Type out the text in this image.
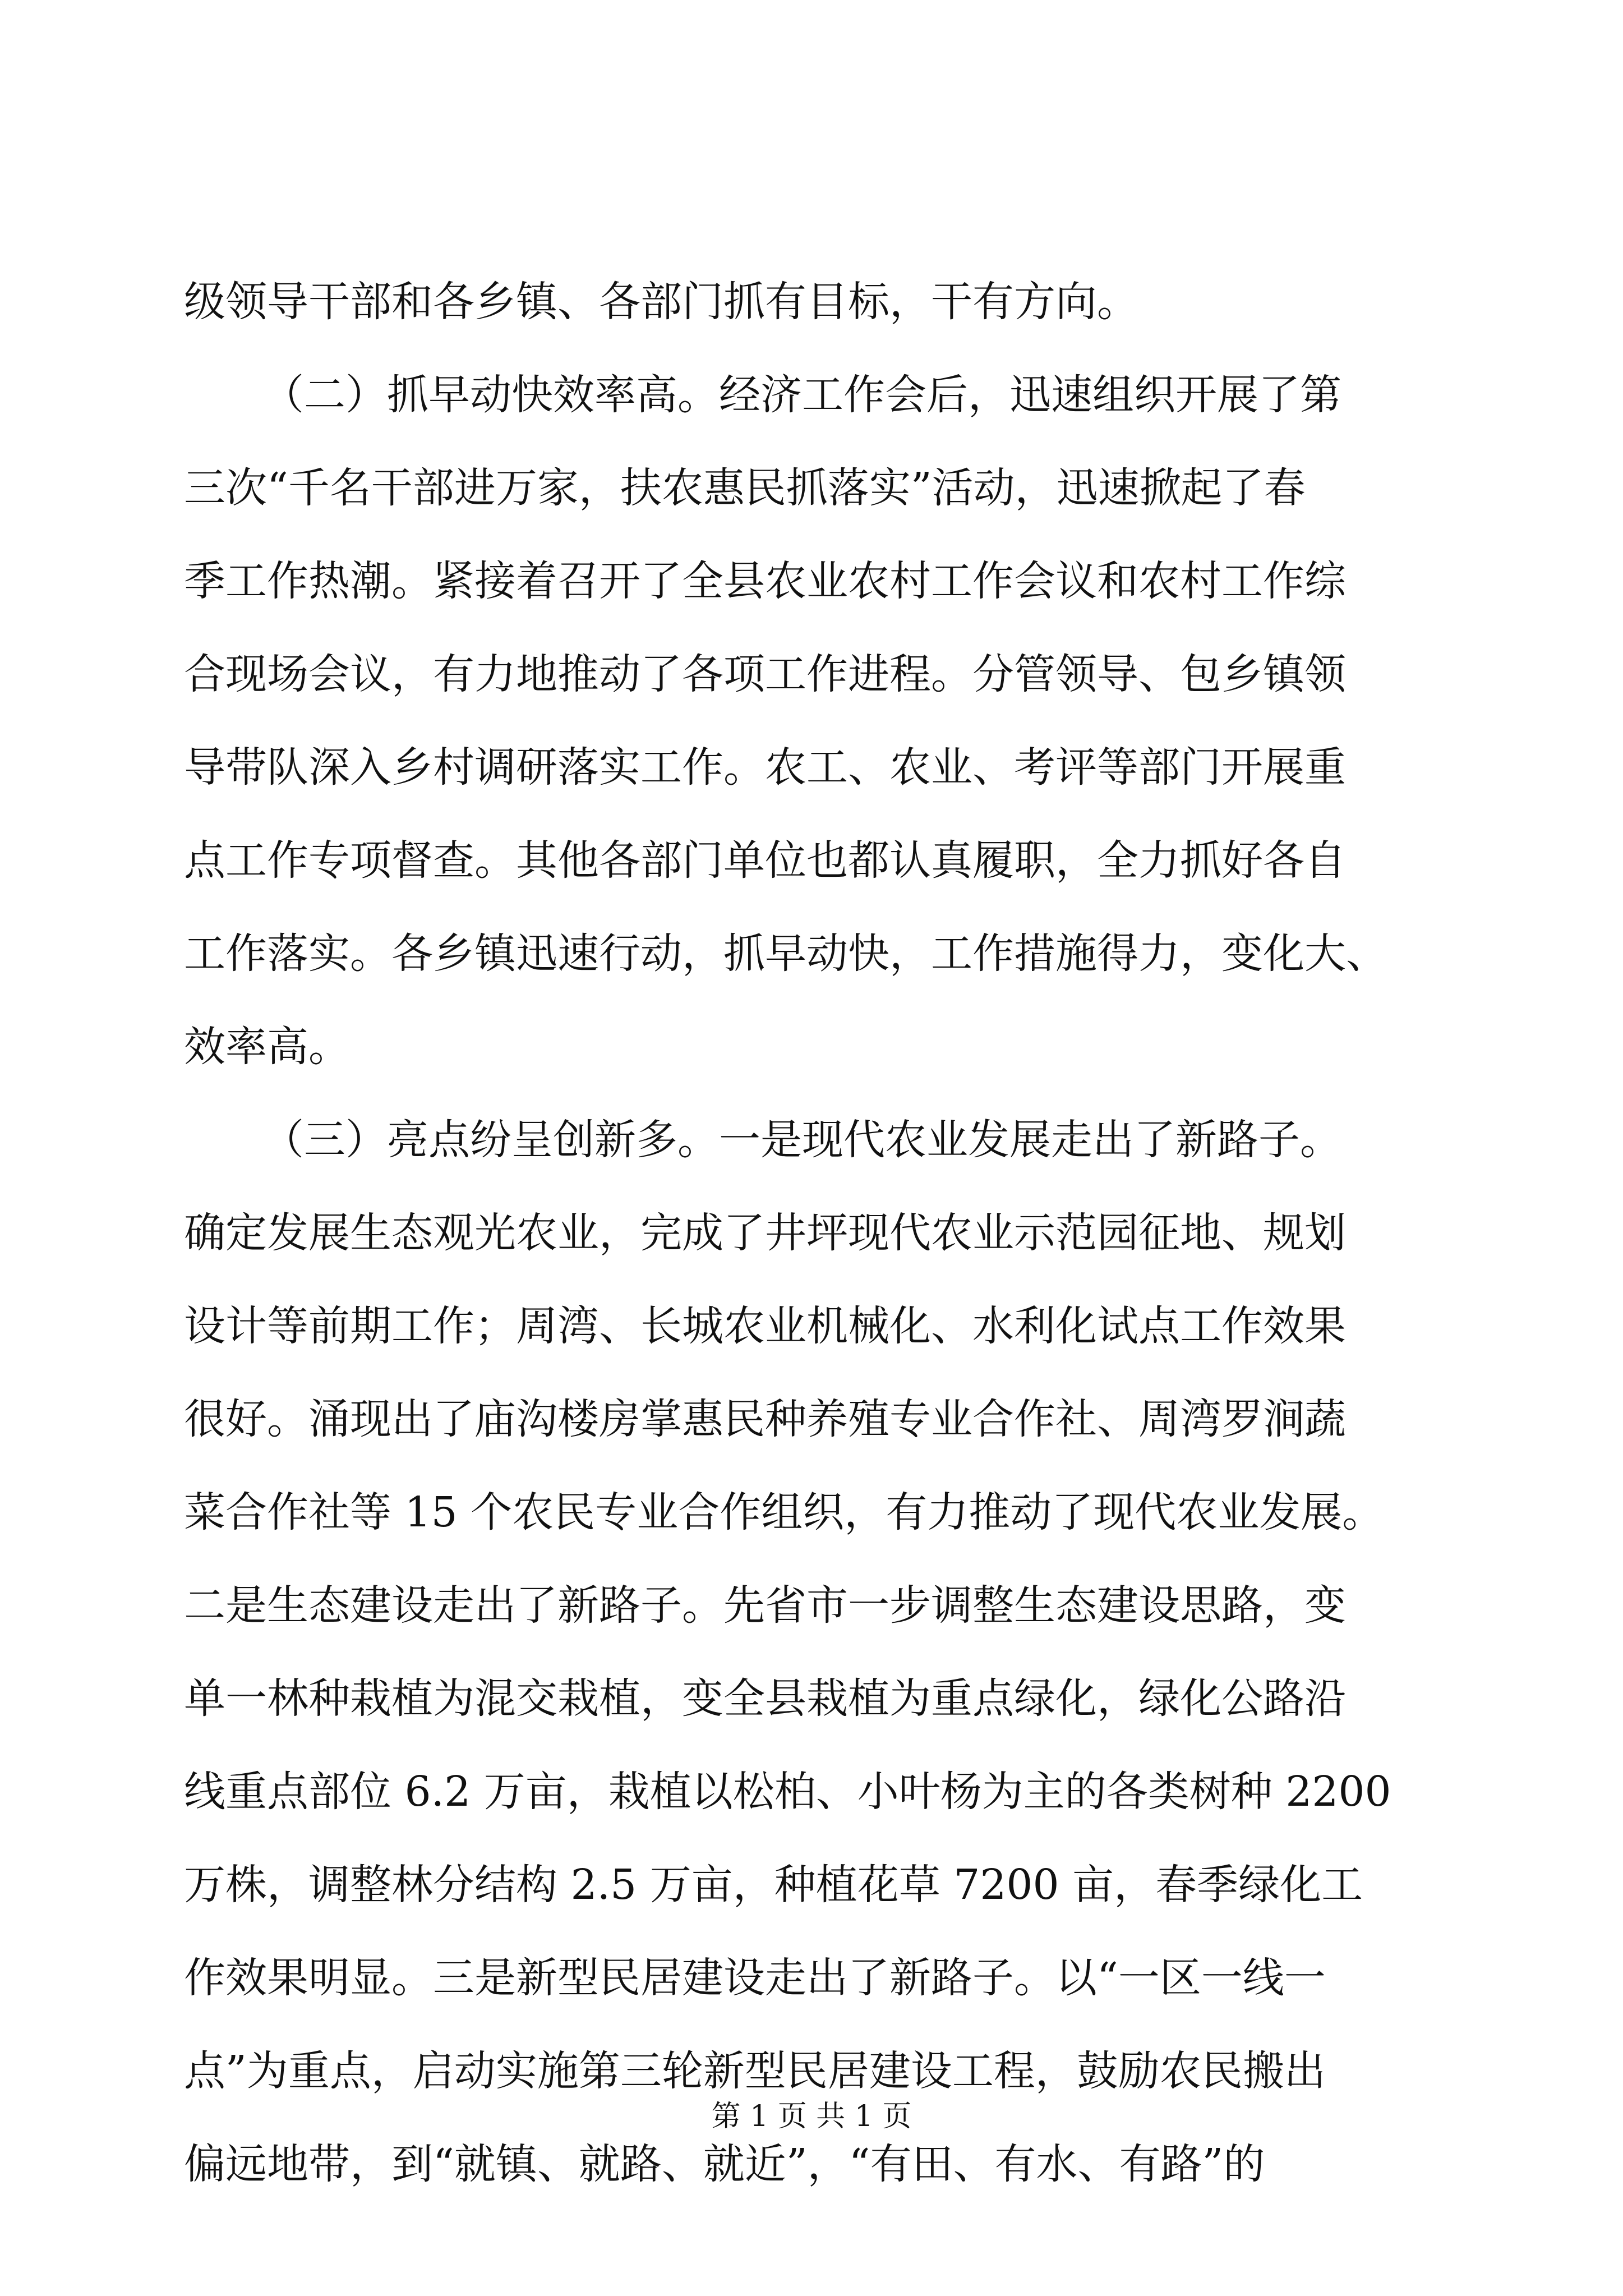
级领导干部和各乡镇、各部门抓有目标，干有方向。
（二）抓早动快效率高。经济工作会后，迅速组织开展了第
三次“千名干部进万家，扶农惠民抓落实”活动，迅速掀起了春
季工作热潮。紧接着召开了全县农业农村工作会议和农村工作综
合现场会议，有力地推动了各项工作进程。分管领导、包乡镇领
导带队深入乡村调研落实工作。农工、农业、考评等部门开展重
点工作专项督查。其他各部门单位也都认真履职，全力抓好各自
工作落实。各乡镇迅速行动，抓早动快，工作措施得力，变化大、
效率高。
（三）亮点纷呈创新多。一是现代农业发展走出了新路子。
确定发展生态观光农业，完成了井坪现代农业示范园征地、规划
设计等前期工作；周湾、长城农业机械化、水利化试点工作效果
很好。涌现出了庙沟楼房掌惠民种养殖专业合作社、周湾罗涧蔬
菜合作社等 15 个农民专业合作组织，有力推动了现代农业发展。
二是生态建设走出了新路子。先省市一步调整生态建设思路，变
单一林种栽植为混交栽植，变全县栽植为重点绿化，绿化公路沿
线重点部位 6.2 万亩，栽植以松柏、小叶杨为主的各类树种 2200
万株，调整林分结构 2.5 万亩，种植花草 7200 亩，春季绿化工
作效果明显。三是新型民居建设走出了新路子。以“一区一线一
点”为重点，启动实施第三轮新型民居建设工程，鼓励农民搬出
偏远地带，到“就镇、就路、就近”，“有田、有水、有路”的
第 1 页 共 1 页
